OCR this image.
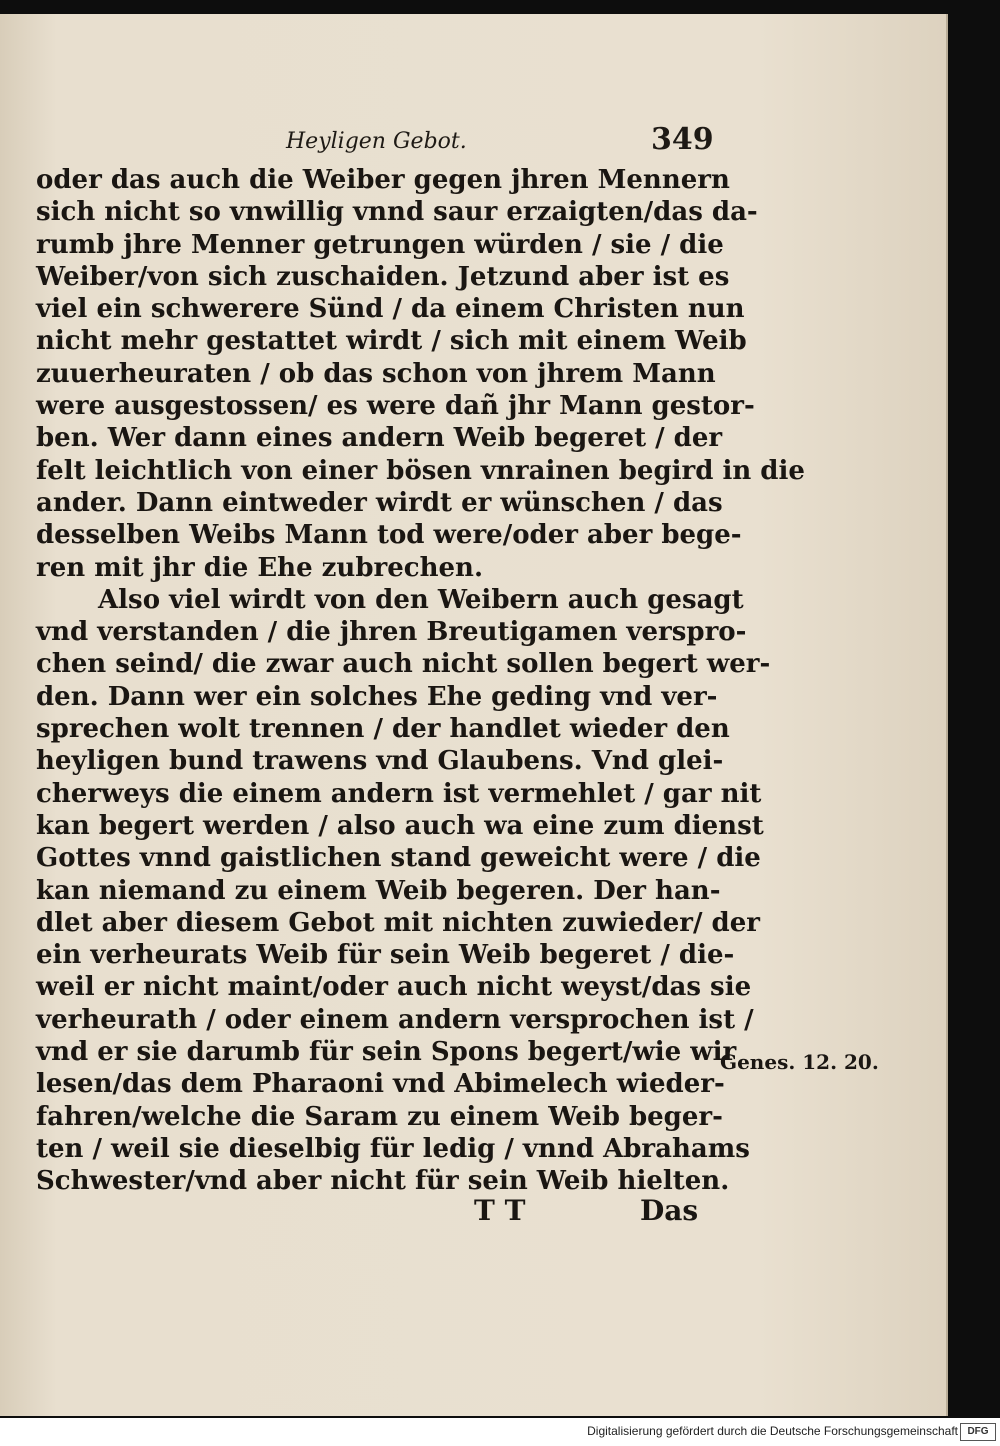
Heyligen Gebot.	349
oder das auch die Weiber gegen jhren Mennern
sich nicht so vnwillig vnnd saur erzaigten/das da-
rumb jhre Menner getrungen würden / sie / die
Weiber/von sich zuschaiden. Jetzund aber ist es
viel ein schwerere Sünd / da einem Christen nun
nicht mehr gestattet wirdt / sich mit einem Weib
zuuerheuraten / ob das schon von jhrem Mann
were ausgestossen/ es were dañ jhr Mann gestor-
ben. Wer dann eines andern Weib begeret / der
felt leichtlich von einer bösen vnrainen begird in die
ander. Dann eintweder wirdt er wünschen / das
desselben Weibs Mann tod were/oder aber bege-
ren mit jhr die Ehe zubrechen.
Also viel wirdt von den Weibern auch gesagt
vnd verstanden / die jhren Breutigamen verspro-
chen seind/ die zwar auch nicht sollen begert wer-
den. Dann wer ein solches Ehe geding vnd ver-
sprechen wolt trennen / der handlet wieder den
heyligen bund trawens vnd Glaubens. Vnd glei-
cherweys die einem andern ist vermehlet / gar nit
kan begert werden / also auch wa eine zum dienst
Gottes vnnd gaistlichen stand geweicht were / die
kan niemand zu einem Weib begeren. Der han-
dlet aber diesem Gebot mit nichten zuwieder/ der
ein verheurats Weib für sein Weib begeret / die-
weil er nicht maint/oder auch nicht weyst/das sie
verheurath / oder einem andern versprochen ist /
vnd er sie darumb für sein Spons begert/wie wir
lesen/das dem Pharaoni vnd Abimelech wieder-
fahren/welche die Saram zu einem Weib beger-
ten / weil sie dieselbig für ledig / vnnd Abrahams
Schwester/vnd aber nicht für sein Weib hielten.
Genes. 12. 20.
T T	Das
Digitalisierung gefördert durch die Deutsche Forschungsgemeinschaft DFG
